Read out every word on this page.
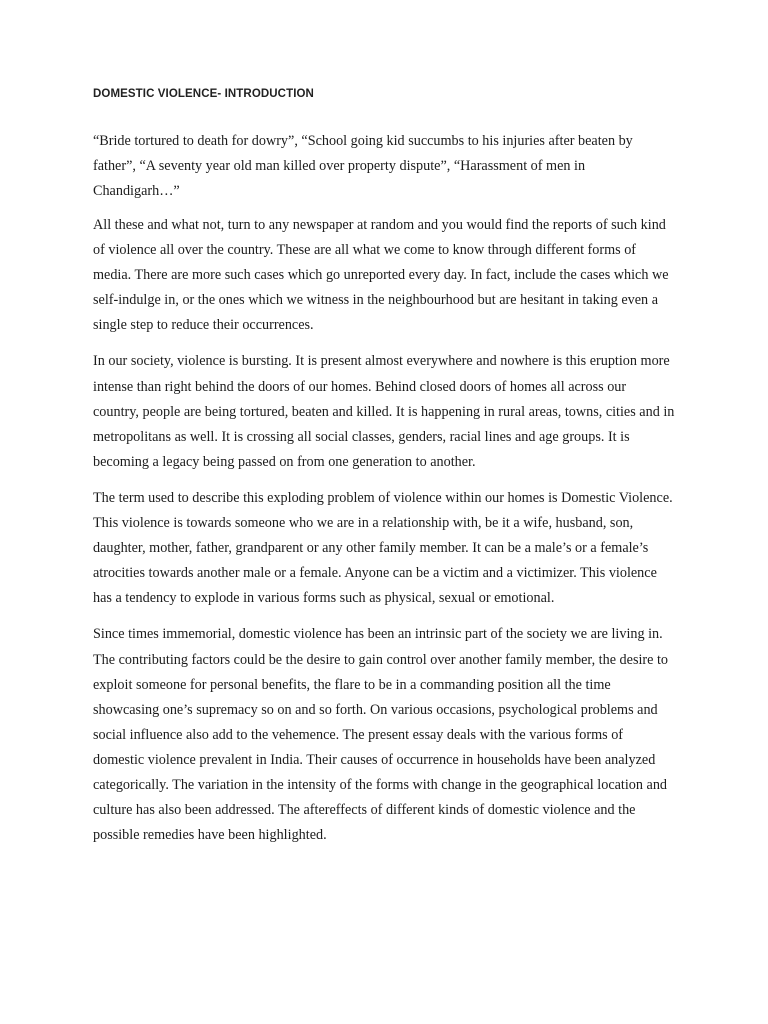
DOMESTIC VIOLENCE- INTRODUCTION

“Bride tortured to death for dowry”, “School going kid succumbs to his injuries after beaten by father”, “A seventy year old man killed over property dispute”, “Harassment of men in Chandigarh…”

All these and what not, turn to any newspaper at random and you would find the reports of such kind of violence all over the country. These are all what we come to know through different forms of media. There are more such cases which go unreported every day. In fact, include the cases which we self-indulge in, or the ones which we witness in the neighbourhood but are hesitant in taking even a single step to reduce their occurrences.

In our society, violence is bursting. It is present almost everywhere and nowhere is this eruption more intense than right behind the doors of our homes. Behind closed doors of homes all across our country, people are being tortured, beaten and killed. It is happening in rural areas, towns, cities and in metropolitans as well. It is crossing all social classes, genders, racial lines and age groups. It is becoming a legacy being passed on from one generation to another.

The term used to describe this exploding problem of violence within our homes is Domestic Violence. This violence is towards someone who we are in a relationship with, be it a wife, husband, son, daughter, mother, father, grandparent or any other family member. It can be a male’s or a female’s atrocities towards another male or a female. Anyone can be a victim and a victimizer. This violence has a tendency to explode in various forms such as physical, sexual or emotional.

Since times immemorial, domestic violence has been an intrinsic part of the society we are living in. The contributing factors could be the desire to gain control over another family member, the desire to exploit someone for personal benefits, the flare to be in a commanding position all the time showcasing one’s supremacy so on and so forth. On various occasions, psychological problems and social influence also add to the vehemence. The present essay deals with the various forms of domestic violence prevalent in India. Their causes of occurrence in households have been analyzed categorically. The variation in the intensity of the forms with change in the geographical location and culture has also been addressed. The aftereffects of different kinds of domestic violence and the possible remedies have been highlighted.
